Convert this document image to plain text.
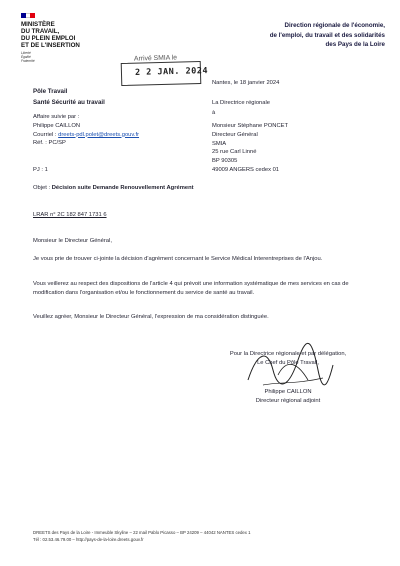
MINISTÈRE
DU TRAVAIL,
DU PLEIN EMPLOI
ET DE L'INSERTION
Liberté
Égalité
Fraternité
Direction régionale de l'économie,
de l'emploi, du travail et des solidarités
des Pays de la Loire
Arrivé SMIA le
2 2 JAN. 2024
Nantes, le 18 janvier 2024
La Directrice régionale
à
Monsieur Stéphane PONCET
Directeur Général
SMIA
25 rue Carl Linné
BP 90305
49009 ANGERS cedex 01
Pôle Travail
Santé Sécurité au travail
Affaire suivie par :
Philippe CAILLON
Courriel : dreets-pdl.polet@dreets.gouv.fr
Réf. : PC/SP
PJ : 1
Objet : Décision suite Demande Renouvellement Agrément
LRAR n° 2C 182 847 1731 6
Monsieur le Directeur Général,
Je vous prie de trouver ci-jointe la décision d'agrément concernant le Service Médical Interentreprises de l'Anjou.
Vous veillerez au respect des dispositions de l'article 4 qui prévoit une information systématique de mes services en cas de modification dans l'organisation et/ou le fonctionnement du service de santé au travail.
Veuillez agréer, Monsieur le Directeur Général, l'expression de ma considération distinguée.
Pour la Directrice régionale et par délégation,
Le Chef du Pôle Travail,
Philippe CAILLON
Directeur régional adjoint
DREETS des Pays de la Loire - Immeuble Skyline – 22 mail Pablo Picasso – BP 24209 – 44042 NANTES cedex 1
Tél : 02.53.46.79.00 – http://pays-de-la-loire.dreets.gouv.fr
